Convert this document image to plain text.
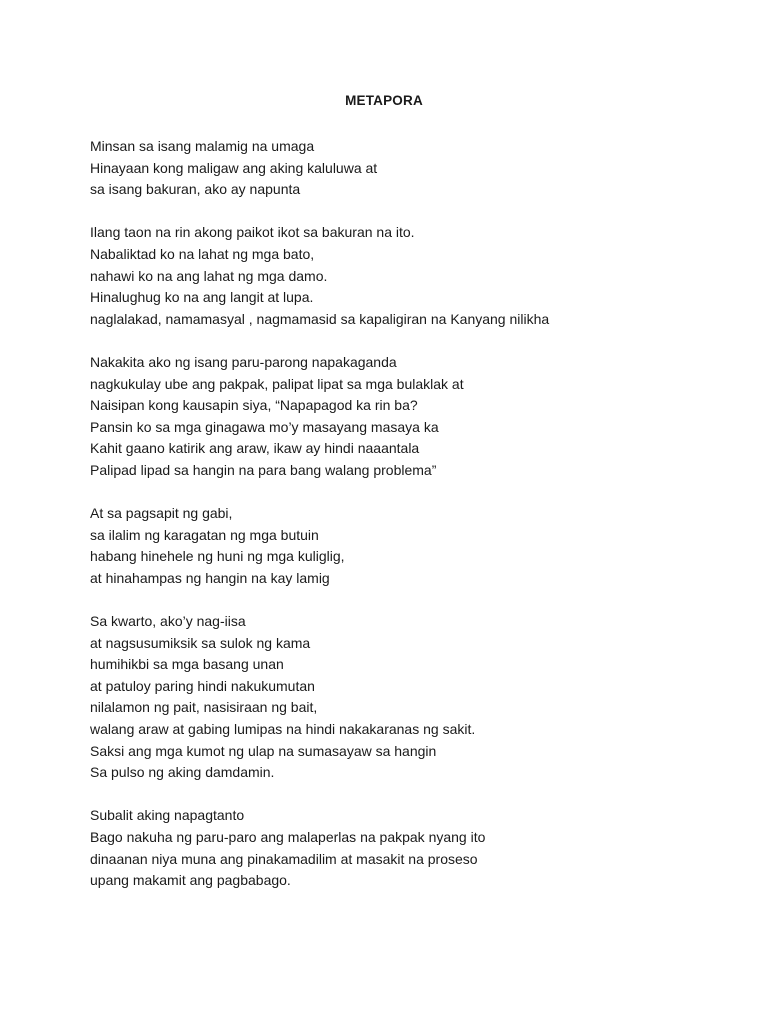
METAPORA
Minsan sa isang malamig na umaga
Hinayaan kong maligaw ang aking kaluluwa at
sa isang bakuran, ako ay napunta
Ilang taon na rin akong paikot ikot sa bakuran na ito.
Nabaliktad ko na lahat ng mga bato,
nahawi ko na ang lahat ng mga damo.
Hinalughug ko na ang langit at lupa.
naglalakad, namamasyal , nagmamasid sa kapaligiran na Kanyang nilikha
Nakakita ako ng isang paru-parong napakaganda
nagkukulay ube ang pakpak, palipat lipat sa mga bulaklak at
Naisipan kong kausapin siya, “Napapagod ka rin ba?
Pansin ko sa mga ginagawa mo’y masayang masaya ka
Kahit gaano katirik ang araw, ikaw ay hindi naaantala
Palipad lipad sa hangin na para bang walang problema”
At sa pagsapit ng gabi,
sa ilalim ng karagatan ng mga butuin
habang hinehele ng huni ng mga kuliglig,
at hinahampas ng hangin na kay lamig
Sa kwarto, ako’y nag-iisa
at nagsusumiksik sa sulok ng kama
humihikbi sa mga basang unan
at patuloy paring hindi nakukumutan
nilalamon ng pait, nasisiraan ng bait,
walang araw at gabing lumipas na hindi nakakaranas ng sakit.
Saksi ang mga kumot ng ulap na sumasayaw sa hangin
Sa pulso ng aking damdamin.
Subalit aking napagtanto
Bago nakuha ng paru-paro ang malaperlas na pakpak nyang ito
dinaanan niya muna ang pinakamadilim at masakit na proseso
upang makamit ang pagbabago.
